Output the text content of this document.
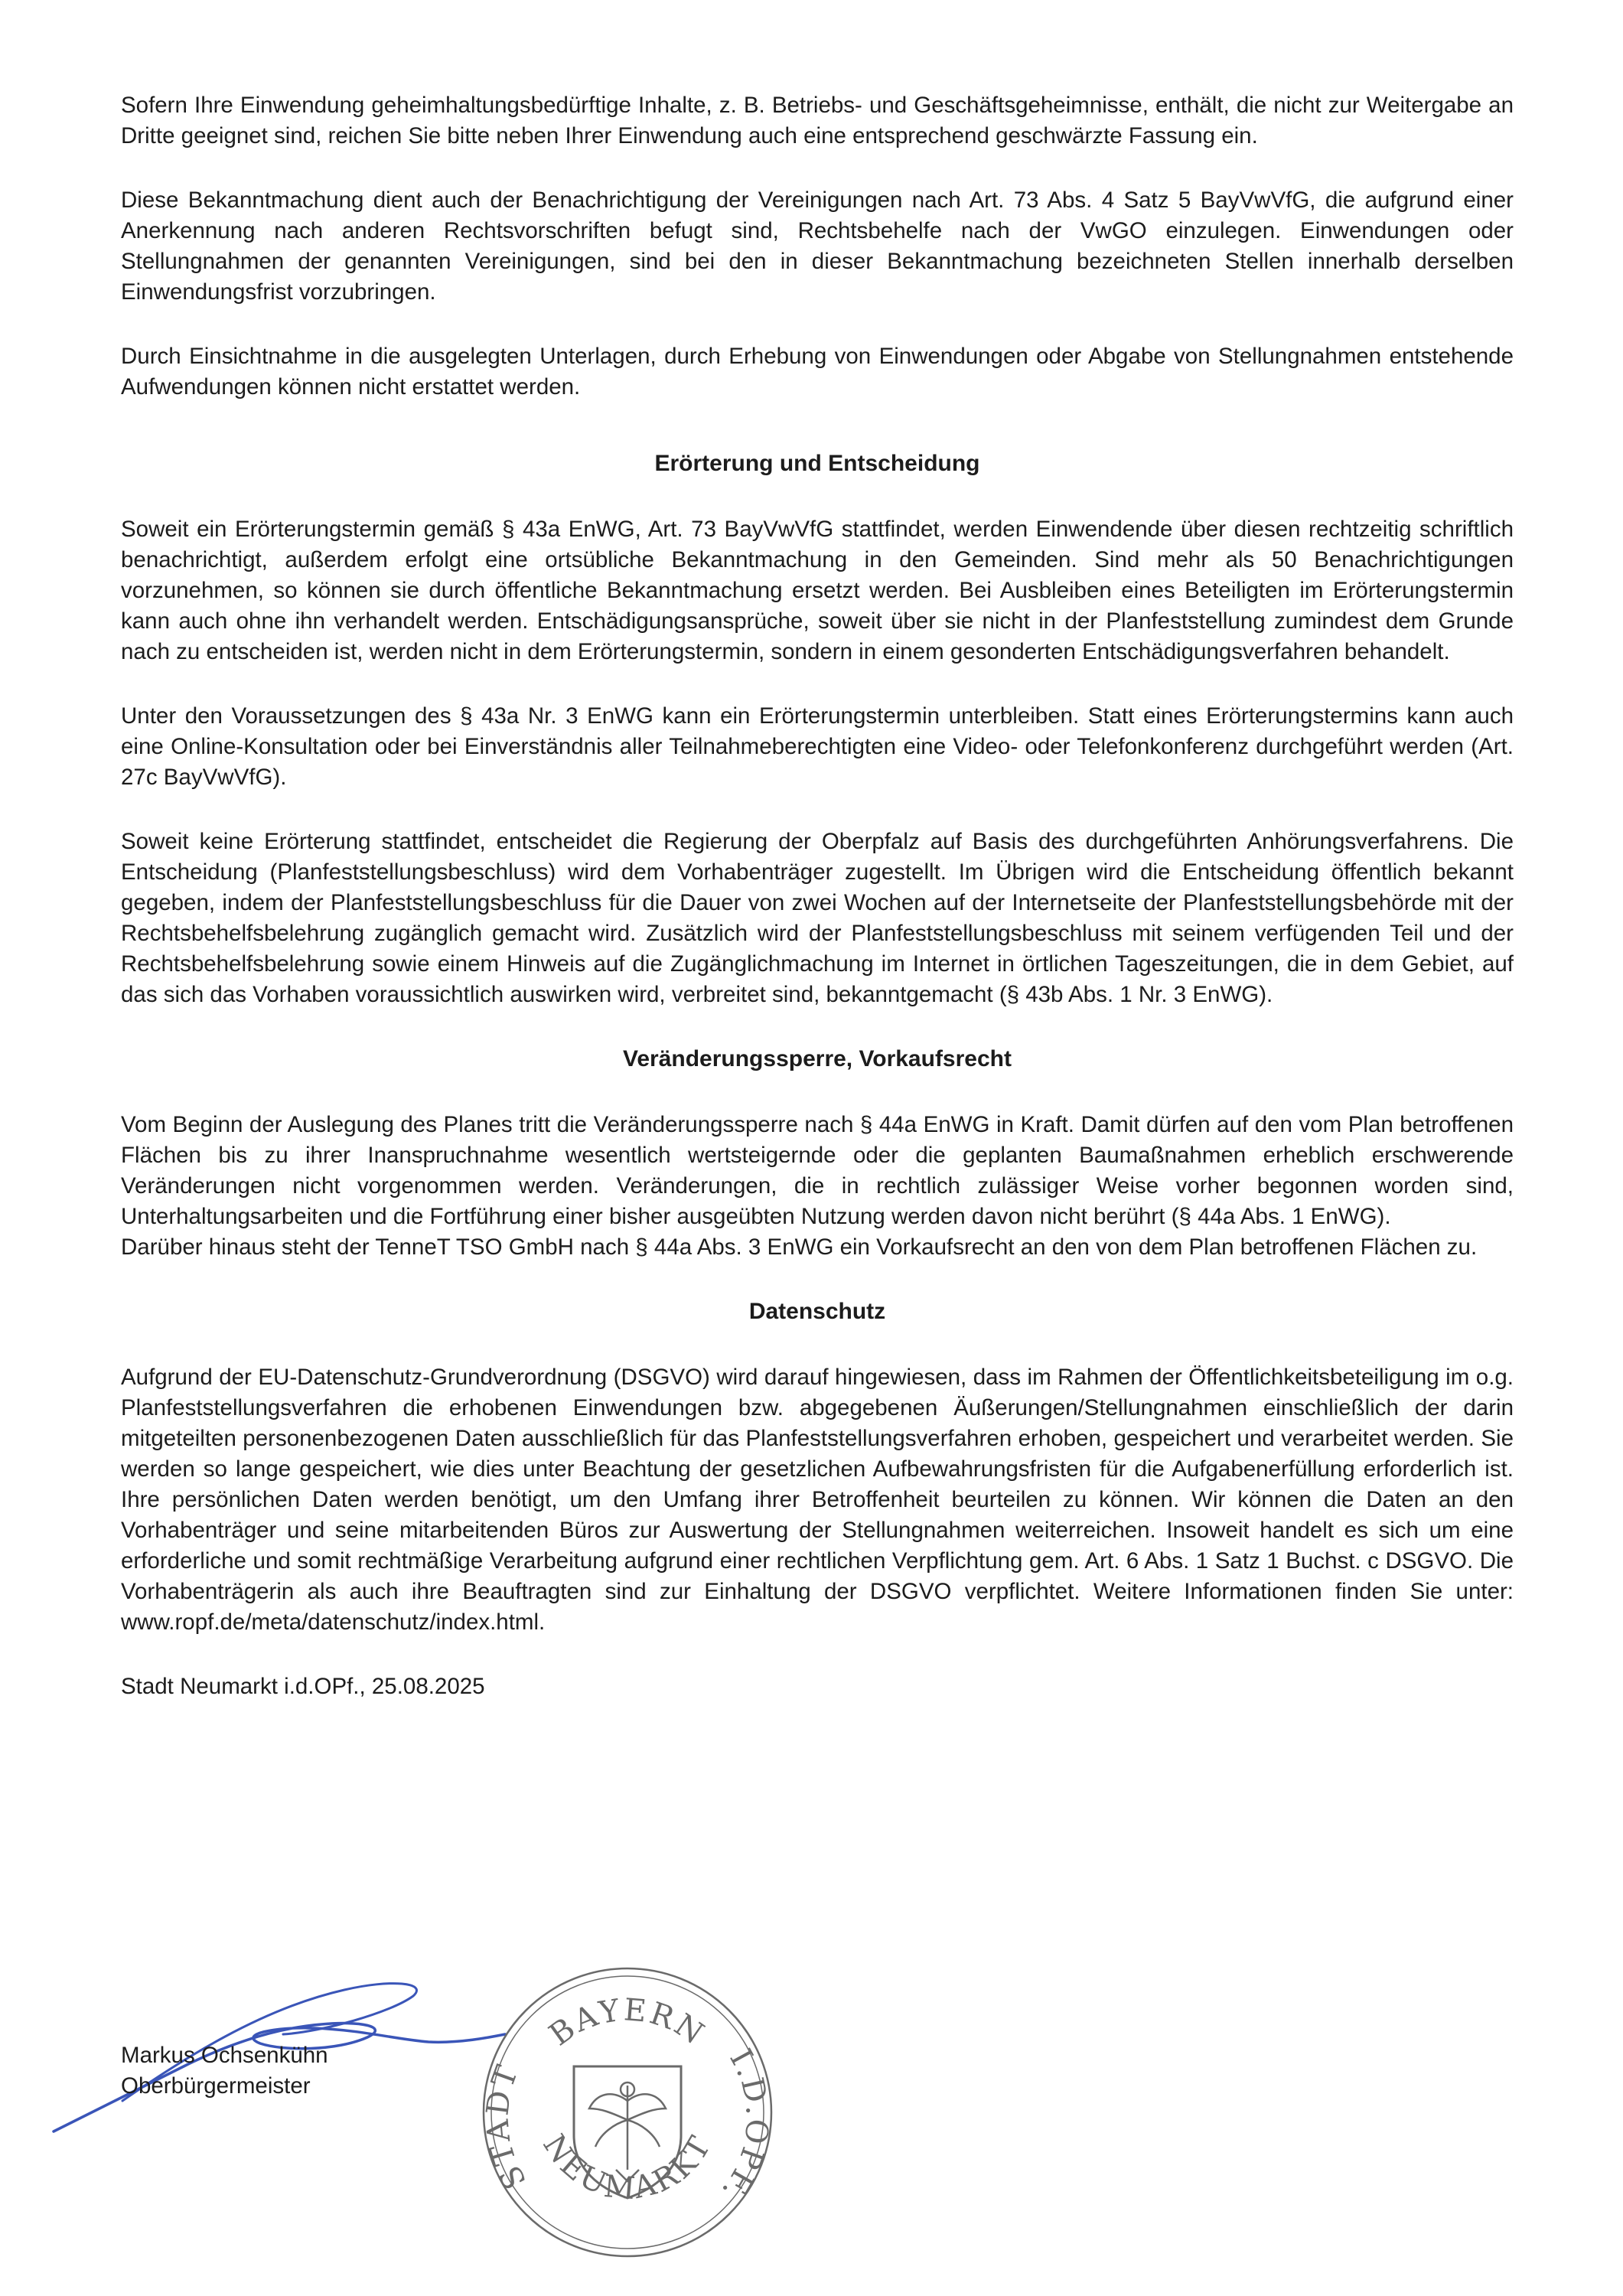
Sofern Ihre Einwendung geheimhaltungsbedürftige Inhalte, z. B. Betriebs- und Geschäftsgeheimnisse, enthält, die nicht zur Weitergabe an Dritte geeignet sind, reichen Sie bitte neben Ihrer Einwendung auch eine entsprechend geschwärzte Fassung ein.

Diese Bekanntmachung dient auch der Benachrichtigung der Vereinigungen nach Art. 73 Abs. 4 Satz 5 BayVwVfG, die aufgrund einer Anerkennung nach anderen Rechtsvorschriften befugt sind, Rechtsbehelfe nach der VwGO einzulegen. Einwendungen oder Stellungnahmen der genannten Vereinigungen, sind bei den in dieser Bekanntmachung bezeichneten Stellen innerhalb derselben Einwendungsfrist vorzubringen.

Durch Einsichtnahme in die ausgelegten Unterlagen, durch Erhebung von Einwendungen oder Abgabe von Stellungnahmen entstehende Aufwendungen können nicht erstattet werden.

Erörterung und Entscheidung

Soweit ein Erörterungstermin gemäß § 43a EnWG, Art. 73 BayVwVfG stattfindet, werden Einwendende über diesen rechtzeitig schriftlich benachrichtigt, außerdem erfolgt eine ortsübliche Bekanntmachung in den Gemeinden. Sind mehr als 50 Benachrichtigungen vorzunehmen, so können sie durch öffentliche Bekanntmachung ersetzt werden. Bei Ausbleiben eines Beteiligten im Erörterungstermin kann auch ohne ihn verhandelt werden. Entschädigungsansprüche, soweit über sie nicht in der Planfeststellung zumindest dem Grunde nach zu entscheiden ist, werden nicht in dem Erörterungstermin, sondern in einem gesonderten Entschädigungsverfahren behandelt.

Unter den Voraussetzungen des § 43a Nr. 3 EnWG kann ein Erörterungstermin unterbleiben. Statt eines Erörterungstermins kann auch eine Online-Konsultation oder bei Einverständnis aller Teilnahmeberechtigten eine Video- oder Telefonkonferenz durchgeführt werden (Art. 27c BayVwVfG).

Soweit keine Erörterung stattfindet, entscheidet die Regierung der Oberpfalz auf Basis des durchgeführten Anhörungsverfahrens. Die Entscheidung (Planfeststellungsbeschluss) wird dem Vorhabenträger zugestellt. Im Übrigen wird die Entscheidung öffentlich bekannt gegeben, indem der Planfeststellungsbeschluss für die Dauer von zwei Wochen auf der Internetseite der Planfeststellungsbehörde mit der Rechtsbehelfsbelehrung zugänglich gemacht wird. Zusätzlich wird der Planfeststellungsbeschluss mit seinem verfügenden Teil und der Rechtsbehelfsbelehrung sowie einem Hinweis auf die Zugänglichmachung im Internet in örtlichen Tageszeitungen, die in dem Gebiet, auf das sich das Vorhaben voraussichtlich auswirken wird, verbreitet sind, bekanntgemacht (§ 43b Abs. 1 Nr. 3 EnWG).

Veränderungssperre, Vorkaufsrecht

Vom Beginn der Auslegung des Planes tritt die Veränderungssperre nach § 44a EnWG in Kraft. Damit dürfen auf den vom Plan betroffenen Flächen bis zu ihrer Inanspruchnahme wesentlich wertsteigernde oder die geplanten Baumaßnahmen erheblich erschwerende Veränderungen nicht vorgenommen werden. Veränderungen, die in rechtlich zulässiger Weise vorher begonnen worden sind, Unterhaltungsarbeiten und die Fortführung einer bisher ausgeübten Nutzung werden davon nicht berührt (§ 44a Abs. 1 EnWG).

Darüber hinaus steht der TenneT TSO GmbH nach § 44a Abs. 3 EnWG ein Vorkaufsrecht an den von dem Plan betroffenen Flächen zu.

Datenschutz

Aufgrund der EU-Datenschutz-Grundverordnung (DSGVO) wird darauf hingewiesen, dass im Rahmen der Öffentlichkeitsbeteiligung im o.g. Planfeststellungsverfahren die erhobenen Einwendungen bzw. abgegebenen Äußerungen/Stellungnahmen einschließlich der darin mitgeteilten personenbezogenen Daten ausschließlich für das Planfeststellungsverfahren erhoben, gespeichert und verarbeitet werden. Sie werden so lange gespeichert, wie dies unter Beachtung der gesetzlichen Aufbewahrungsfristen für die Aufgabenerfüllung erforderlich ist. Ihre persönlichen Daten werden benötigt, um den Umfang ihrer Betroffenheit beurteilen zu können. Wir können die Daten an den Vorhabenträger und seine mitarbeitenden Büros zur Auswertung der Stellungnahmen weiterreichen. Insoweit handelt es sich um eine erforderliche und somit rechtmäßige Verarbeitung aufgrund einer rechtlichen Verpflichtung gem. Art. 6 Abs. 1 Satz 1 Buchst. c DSGVO. Die Vorhabenträgerin als auch ihre Beauftragten sind zur Einhaltung der DSGVO verpflichtet. Weitere Informationen finden Sie unter: www.ropf.de/meta/datenschutz/index.html.

Stadt Neumarkt i.d.OPf., 25.08.2025

Markus Ochsenkühn
Oberbürgermeister
BAYERN
STADT
I.D.OPF.
NEUMARKT
